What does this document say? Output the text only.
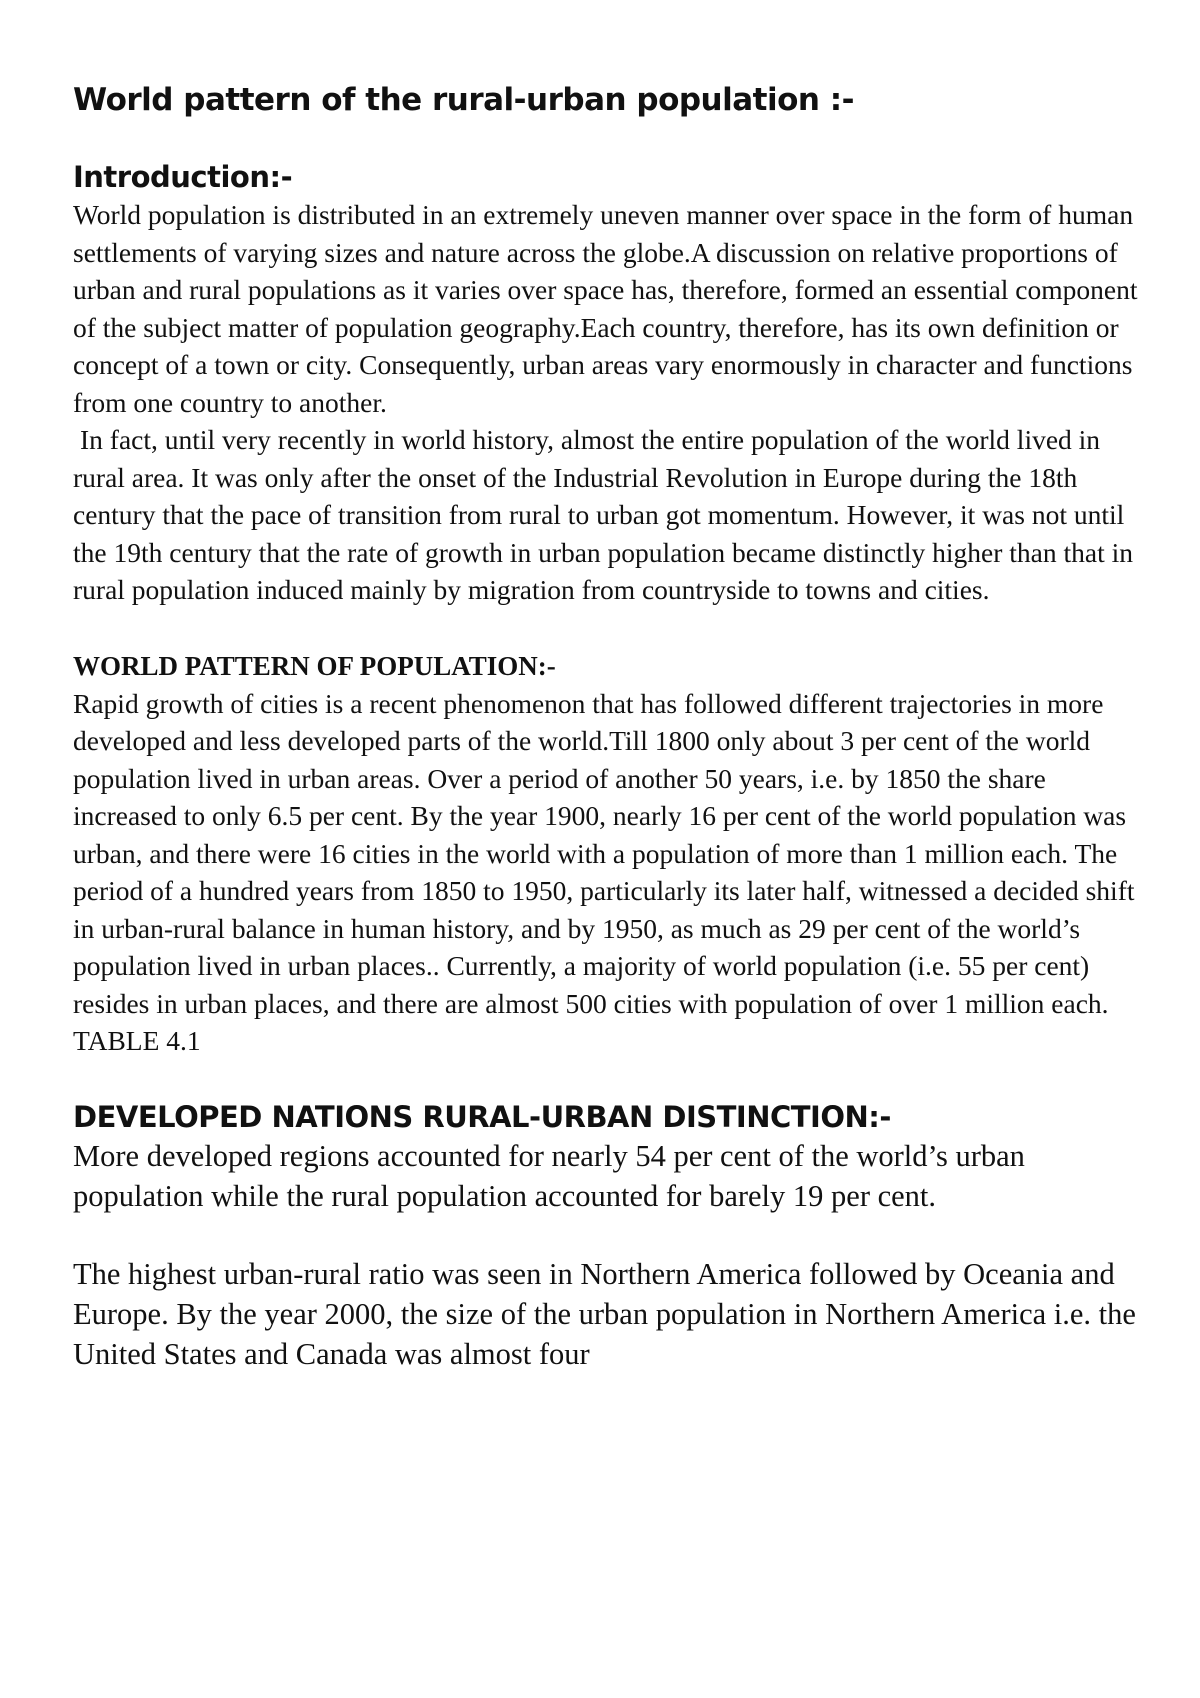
World pattern of the rural-urban population :-
Introduction:-

World population is distributed in an extremely uneven manner over space in the form of human settlements of varying sizes and nature across the globe.A discussion on relative proportions of urban and rural populations as it varies over space has, therefore, formed an essential component of the subject matter of population geography.Each country, therefore, has its own definition or concept of a town or city. Consequently, urban areas vary enormously in character and functions from one country to another.

In fact, until very recently in world history, almost the entire population of the world lived in rural area. It was only after the onset of the Industrial Revolution in Europe during the 18th century that the pace of transition from rural to urban got momentum. However, it was not until the 19th century that the rate of growth in urban population became distinctly higher than that in rural population induced mainly by migration from countryside to towns and cities.

WORLD PATTERN OF POPULATION:-

Rapid growth of cities is a recent phenomenon that has followed different trajectories in more developed and less developed parts of the world.Till 1800 only about 3 per cent of the world population lived in urban areas. Over a period of another 50 years, i.e. by 1850 the share increased to only 6.5 per cent. By the year 1900, nearly 16 per cent of the world population was urban, and there were 16 cities in the world with a population of more than 1 million each. The period of a hundred years from 1850 to 1950, particularly its later half, witnessed a decided shift in urban-rural balance in human history, and by 1950, as much as 29 per cent of the world’s population lived in urban places.. Currently, a majority of world population (i.e. 55 per cent) resides in urban places, and there are almost 500 cities with population of over 1 million each.

TABLE 4.1

DEVELOPED NATIONS RURAL-URBAN DISTINCTION:-

More developed regions accounted for nearly 54 per cent of the world’s urban population while the rural population accounted for barely 19 per cent.

The highest urban-rural ratio was seen in Northern America followed by Oceania and Europe. By the year 2000, the size of the urban population in Northern America i.e. the United States and Canada was almost four
